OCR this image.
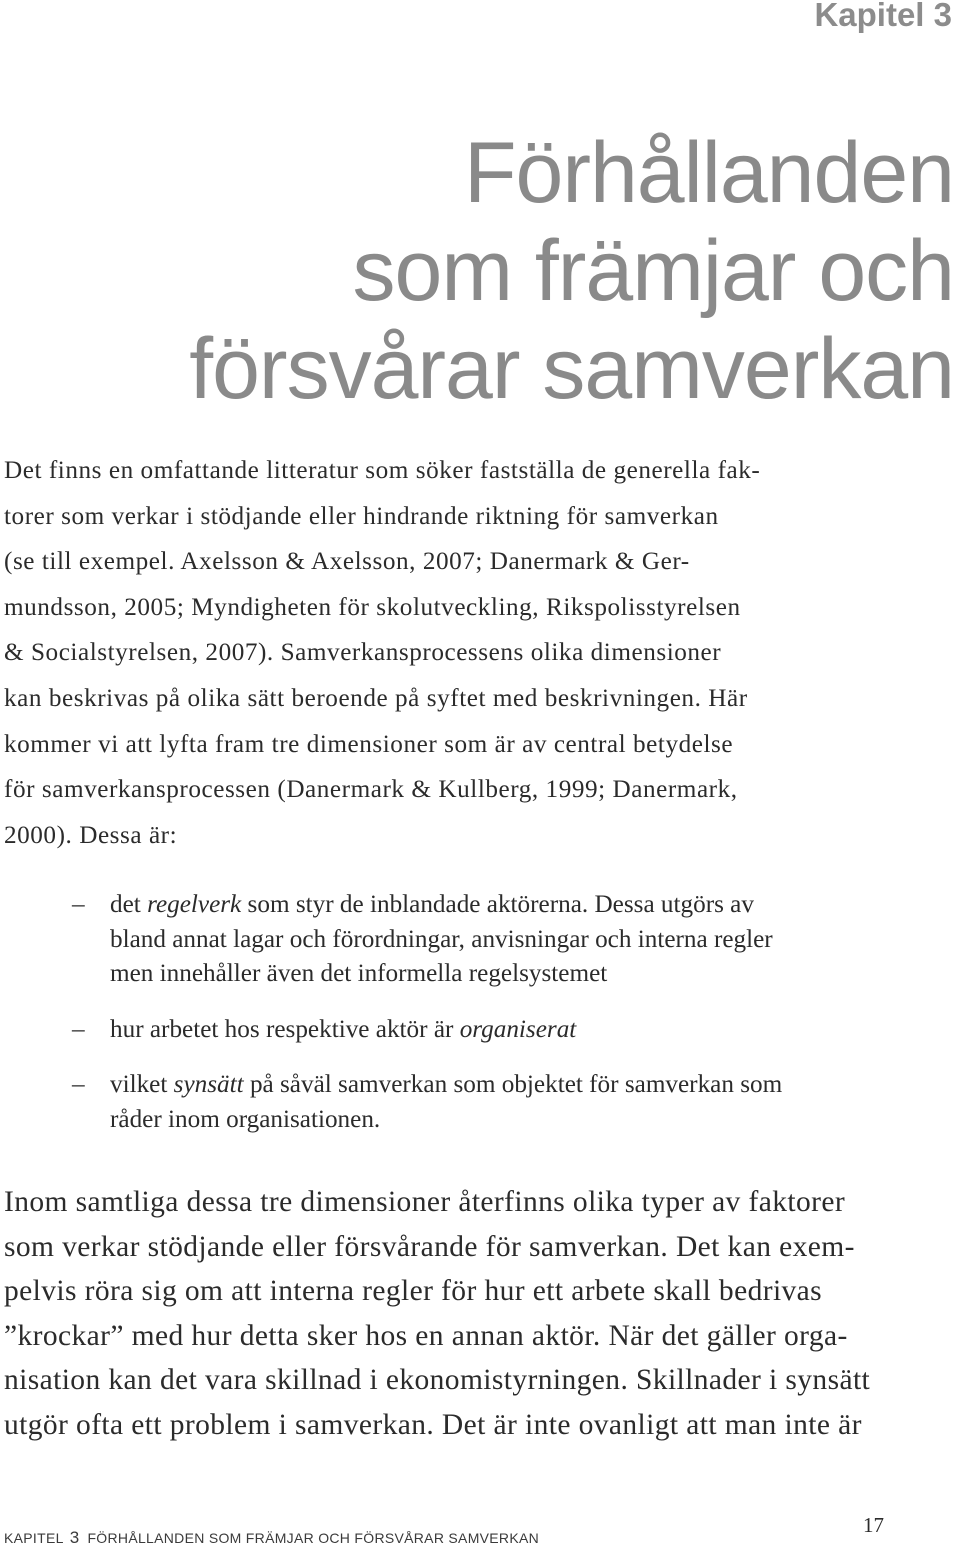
Kapitel 3
Förhållanden
som främjar och
försvårar samverkan
Det finns en omfattande litteratur som söker fastställa de generella fak-
torer som verkar i stödjande eller hindrande riktning för samverkan
(se till exempel. Axelsson & Axelsson, 2007; Danermark & Ger-
mundsson, 2005; Myndigheten för skolutveckling, Rikspolisstyrelsen
& Socialstyrelsen, 2007). Samverkansprocessens olika dimensioner
kan beskrivas på olika sätt beroende på syftet med beskrivningen. Här
kommer vi att lyfta fram tre dimensioner som är av central betydelse
för samverkansprocessen (Danermark & Kullberg, 1999; Danermark,
2000). Dessa är:
– det regelverk som styr de inblandade aktörerna. Dessa utgörs av
bland annat lagar och förordningar, anvisningar och interna regler
men innehåller även det informella regelsystemet
– hur arbetet hos respektive aktör är organiserat
– vilket synsätt på såväl samverkan som objektet för samverkan som
råder inom organisationen.
Inom samtliga dessa tre dimensioner återfinns olika typer av faktorer
som verkar stödjande eller försvårande för samverkan. Det kan exem-
pelvis röra sig om att interna regler för hur ett arbete skall bedrivas
”krockar” med hur detta sker hos en annan aktör. När det gäller orga-
nisation kan det vara skillnad i ekonomistyrningen. Skillnader i synsätt
utgör ofta ett problem i samverkan. Det är inte ovanligt att man inte är
KAPITEL 3 FÖRHÅLLANDEN SOM FRÄMJAR OCH FÖRSVÅRAR SAMVERKAN
17
